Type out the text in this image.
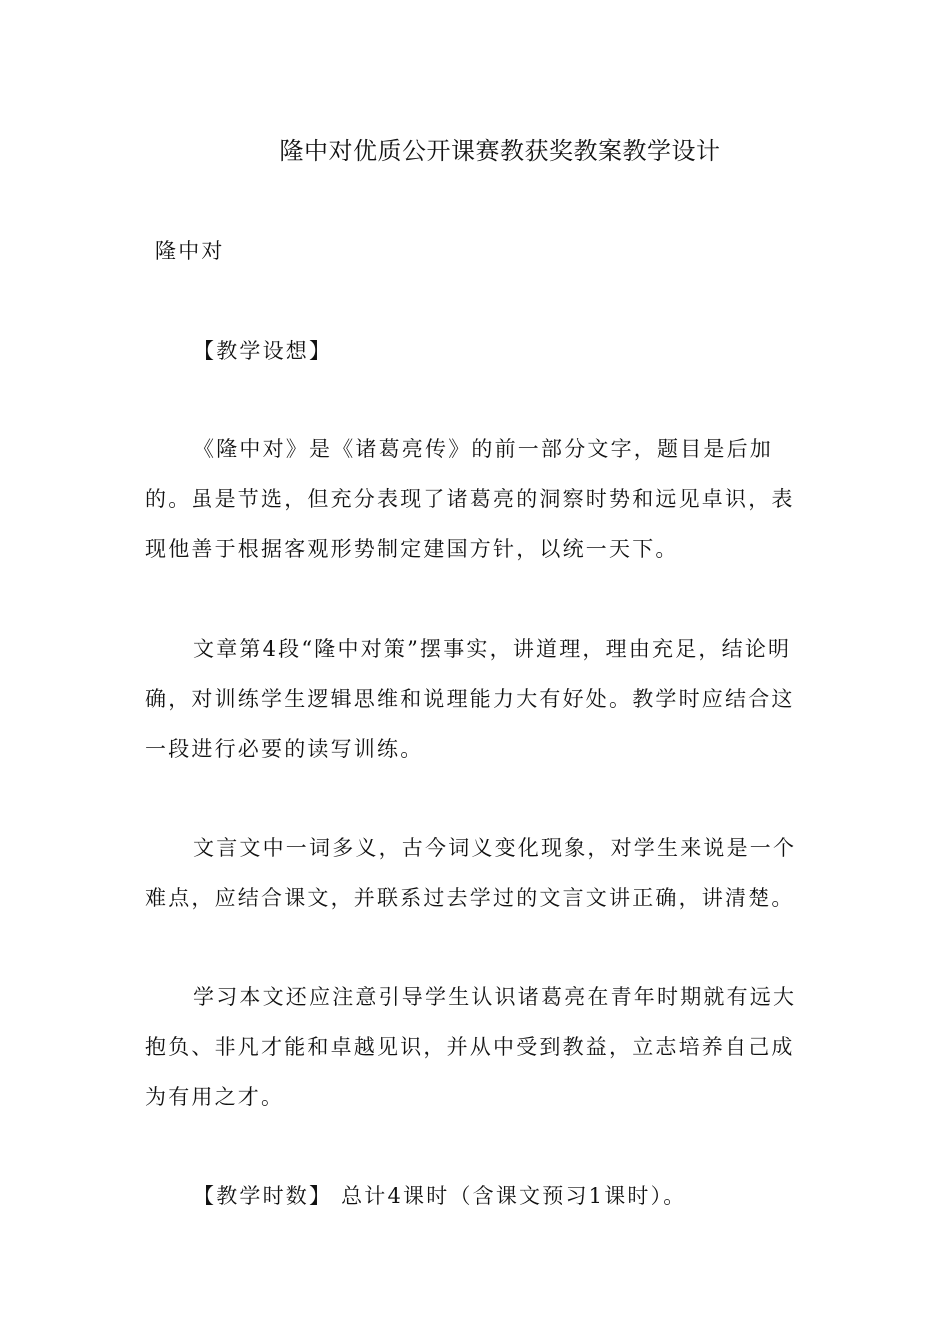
隆中对优质公开课赛教获奖教案教学设计

隆中对

【教学设想】

《隆中对》是《诸葛亮传》的前一部分文字，题目是后加的。虽是节选，但充分表现了诸葛亮的洞察时势和远见卓识，表现他善于根据客观形势制定建国方针，以统一天下。

文章第4段“隆中对策”摆事实，讲道理，理由充足，结论明确，对训练学生逻辑思维和说理能力大有好处。教学时应结合这一段进行必要的读写训练。

文言文中一词多义，古今词义变化现象，对学生来说是一个难点，应结合课文，并联系过去学过的文言文讲正确，讲清楚。

学习本文还应注意引导学生认识诸葛亮在青年时期就有远大抱负、非凡才能和卓越见识，并从中受到教益，立志培养自己成为有用之才。

【教学时数】 总计4课时（含课文预习1课时）。
